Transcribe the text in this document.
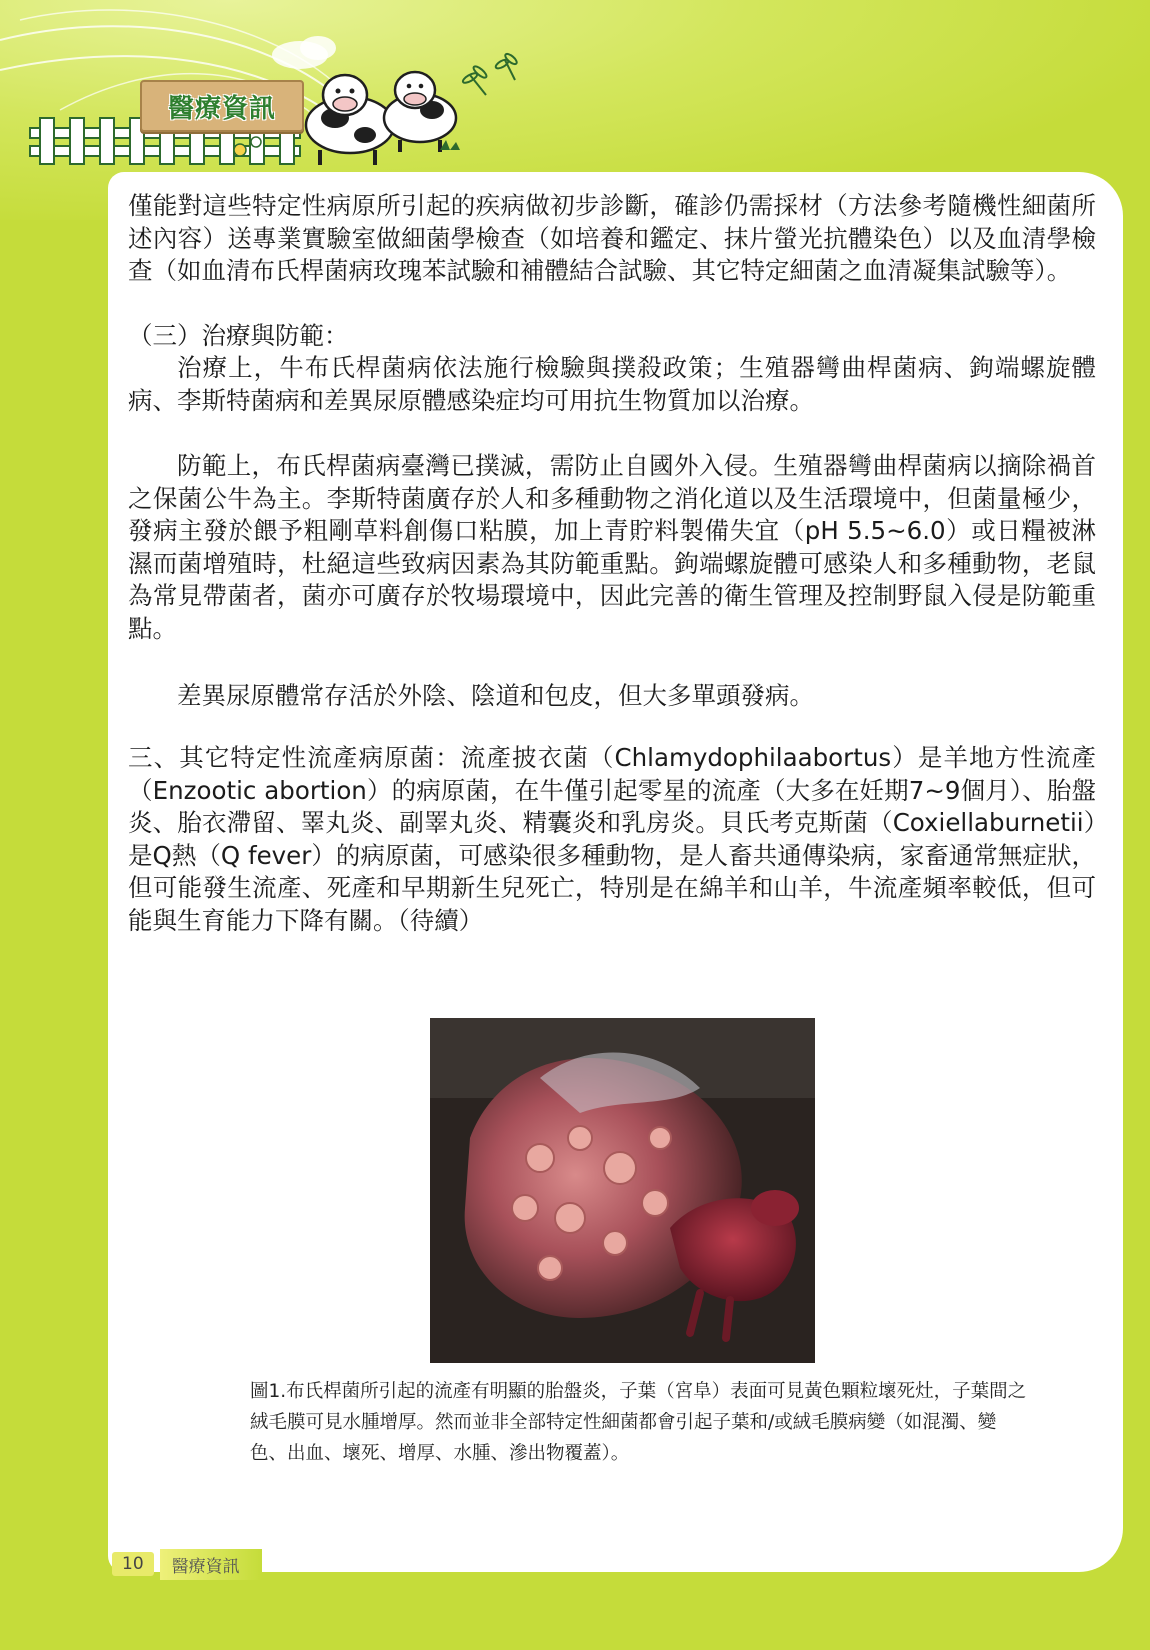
醫療資訊

僅能對這些特定性病原所引起的疾病做初步診斷，確診仍需採材（方法參考隨機性細菌所述內容）送專業實驗室做細菌學檢查（如培養和鑑定、抹片螢光抗體染色）以及血清學檢查（如血清布氏桿菌病玫瑰苯試驗和補體結合試驗、其它特定細菌之血清凝集試驗等）。

（三）治療與防範：

治療上，牛布氏桿菌病依法施行檢驗與撲殺政策；生殖器彎曲桿菌病、鉤端螺旋體病、李斯特菌病和差異尿原體感染症均可用抗生物質加以治療。

防範上，布氏桿菌病臺灣已撲滅，需防止自國外入侵。生殖器彎曲桿菌病以摘除禍首之保菌公牛為主。李斯特菌廣存於人和多種動物之消化道以及生活環境中，但菌量極少，發病主發於餵予粗剛草料創傷口粘膜，加上青貯料製備失宜（pH 5.5~6.0）或日糧被淋濕而菌增殖時，杜絕這些致病因素為其防範重點。鉤端螺旋體可感染人和多種動物，老鼠為常見帶菌者，菌亦可廣存於牧場環境中，因此完善的衛生管理及控制野鼠入侵是防範重點。

差異尿原體常存活於外陰、陰道和包皮，但大多單頭發病。

三、其它特定性流產病原菌：流產披衣菌（Chlamydophilaabortus）是羊地方性流產（Enzootic abortion）的病原菌，在牛僅引起零星的流產（大多在妊期7~9個月）、胎盤炎、胎衣滯留、睪丸炎、副睪丸炎、精囊炎和乳房炎。貝氏考克斯菌（Coxiellaburnetii）是Q熱（Q fever）的病原菌，可感染很多種動物，是人畜共通傳染病，家畜通常無症狀，但可能發生流產、死產和早期新生兒死亡，特別是在綿羊和山羊，牛流產頻率較低，但可能與生育能力下降有關。（待續）

圖1.布氏桿菌所引起的流產有明顯的胎盤炎，子葉（宮阜）表面可見黃色顆粒壞死灶，子葉間之絨毛膜可見水腫增厚。然而並非全部特定性細菌都會引起子葉和/或絨毛膜病變（如混濁、變色、出血、壞死、增厚、水腫、滲出物覆蓋）。

10	醫療資訊
